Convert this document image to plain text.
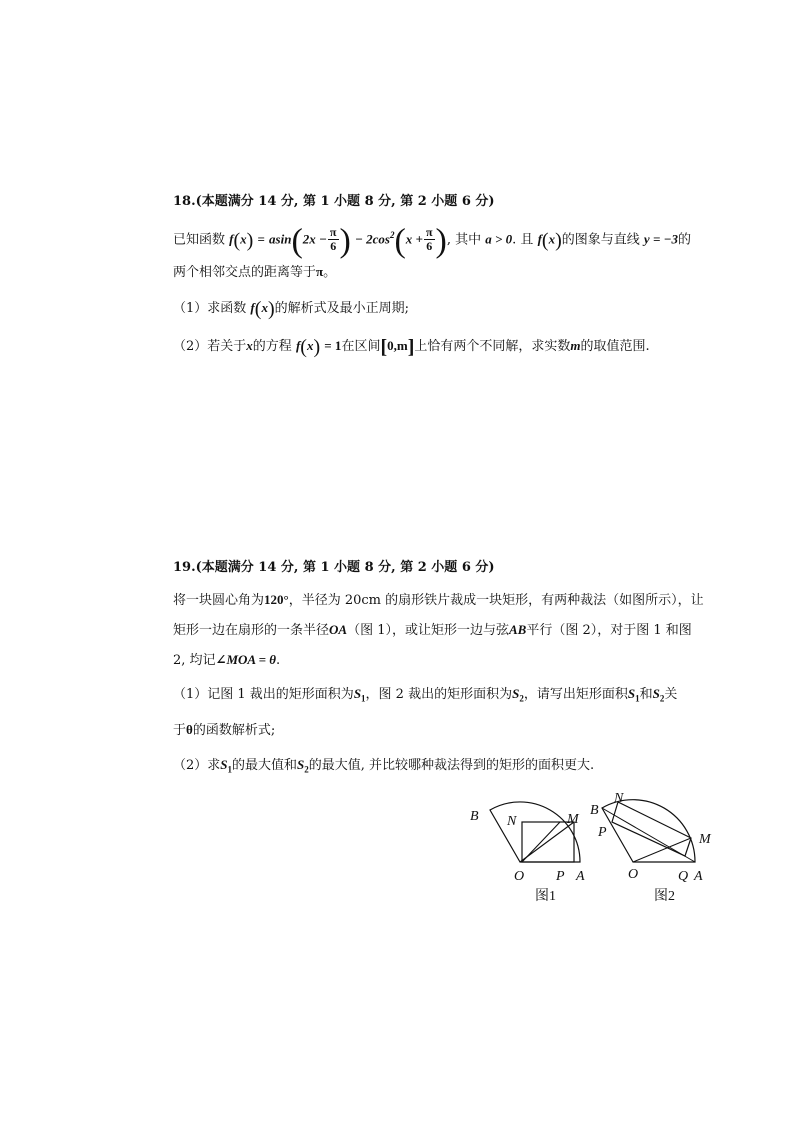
18.(本题满分 14 分, 第 1 小题 8 分, 第 2 小题 6 分)
已知函数 $f(x) = asin(2x - \frac{\pi}{6}$ ) − $2\cos^2(x + \frac{\pi}{6}$ ), 其中 a > 0. 且 f(x)的图象与直线 y = −3的
两个相邻交点的距离等于π。
（1）求函数 f(x)的解析式及最小正周期;
（2）若关于x的方程 f(x) = 1在区间[0,m]上恰有两个不同解，求实数m的取值范围.
19.(本题满分 14 分, 第 1 小题 8 分, 第 2 小题 6 分)
将一块圆心角为120°，半径为 20cm 的扇形铁片裁成一块矩形，有两种裁法（如图所示），让
矩形一边在扇形的一条半径OA（图 1），或让矩形一边与弦AB平行（图 2），对于图 1 和图
2, 均记∠MOA = θ.
（1）记图 1 裁出的矩形面积为$S_1$，图 2 裁出的矩形面积为$S_2$，请写出矩形面积$S_1$和$S_2$关
于θ的函数解析式;
（2）求$S_1$的最大值和$S_2$的最大值, 并比较哪种裁法得到的矩形的面积更大.
B N	M
O P A
图1
N
B
P	M
O	Q A
图2
